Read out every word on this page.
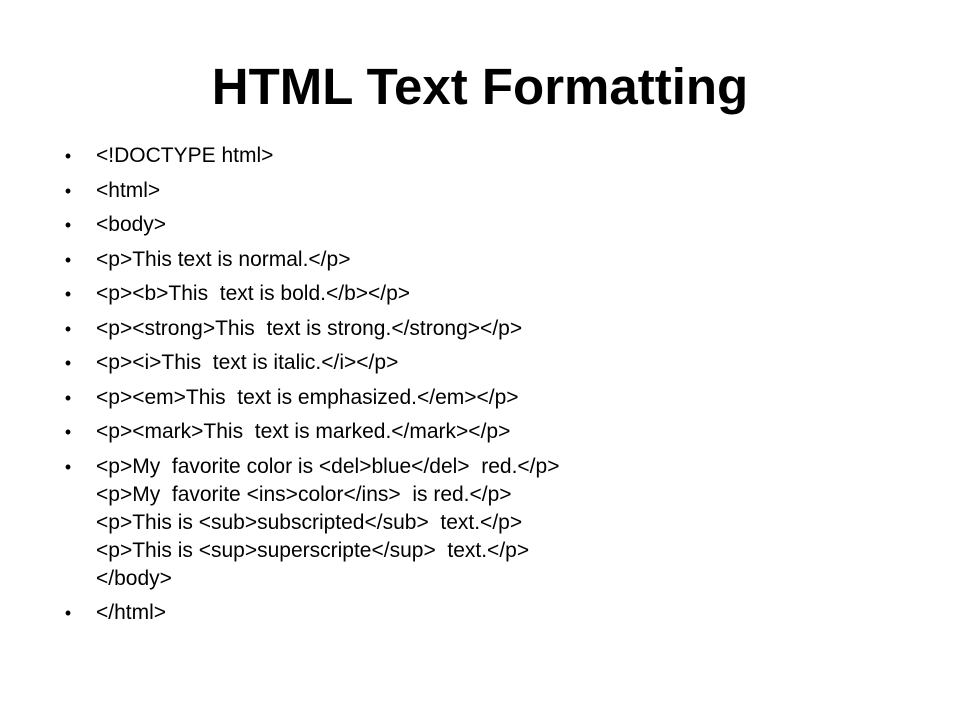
HTML Text Formatting
• <!DOCTYPE html>
• <html>
• <body>
• <p>This text is normal.</p>
• <p><b>This  text is bold.</b></p>
• <p><strong>This  text is strong.</strong></p>
• <p><i>This  text is italic.</i></p>
• <p><em>This  text is emphasized.</em></p>
• <p><mark>This  text is marked.</mark></p>
• <p>My  favorite color is <del>blue</del>  red.</p>
<p>My  favorite <ins>color</ins>  is red.</p>
<p>This is <sub>subscripted</sub>  text.</p>
<p>This is <sup>superscripte</sup>  text.</p>
</body>
• </html>
